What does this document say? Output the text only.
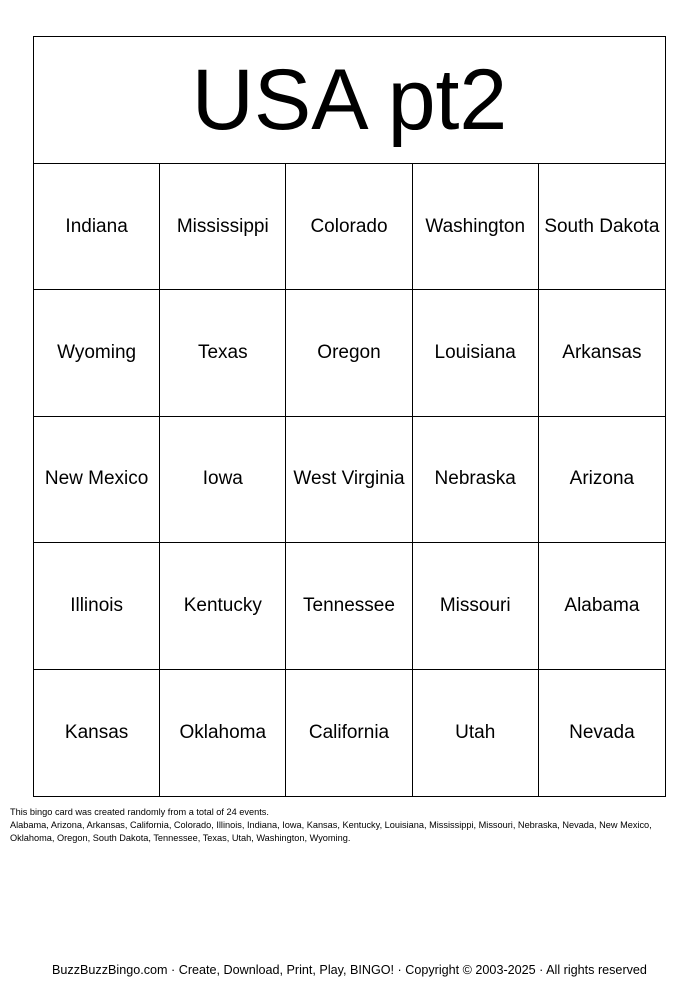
USA pt2
Indiana	Mississippi	Colorado	Washington	South Dakota
Wyoming	Texas	Oregon	Louisiana	Arkansas
New Mexico	Iowa	West Virginia	Nebraska	Arizona
Illinois	Kentucky	Tennessee	Missouri	Alabama
Kansas	Oklahoma	California	Utah	Nevada

This bingo card was created randomly from a total of 24 events.

Alabama, Arizona, Arkansas, California, Colorado, Illinois, Indiana, Iowa, Kansas, Kentucky, Louisiana, Mississippi, Missouri, Nebraska, Nevada, New Mexico, Oklahoma, Oregon, South Dakota, Tennessee, Texas, Utah, Washington, Wyoming.

BuzzBuzzBingo.com · Create, Download, Print, Play, BINGO! · Copyright © 2003-2025 · All rights reserved
